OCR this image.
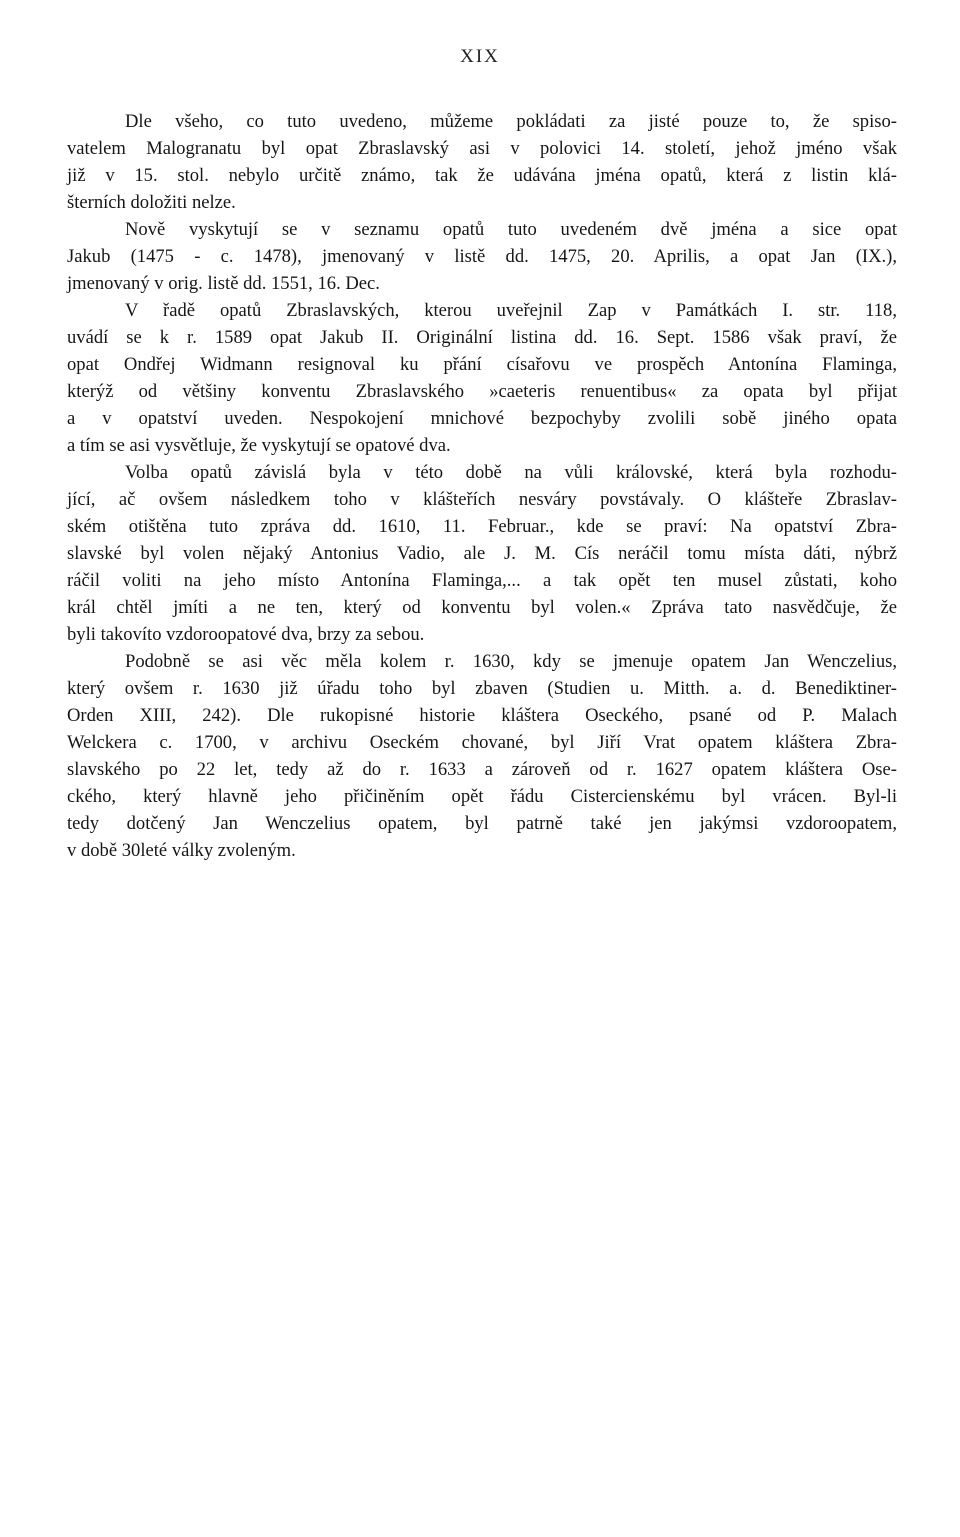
XIX
Dle všeho, co tuto uvedeno, můžeme pokládati za jisté pouze to, že spiso-
vatelem Malogranatu byl opat Zbraslavský asi v polovici 14. století, jehož jméno však
již v 15. stol. nebylo určitě známo, tak že udávána jména opatů, která z listin klá-
šterních doložiti nelze.
Nově vyskytují se v seznamu opatů tuto uvedeném dvě jména a sice opat
Jakub (1475 - c. 1478), jmenovaný v listě dd. 1475, 20. Aprilis, a opat Jan (IX.),
jmenovaný v orig. listě dd. 1551, 16. Dec.
V řadě opatů Zbraslavských, kterou uveřejnil Zap v Památkách I. str. 118,
uvádí se k r. 1589 opat Jakub II. Originální listina dd. 16. Sept. 1586 však praví, že
opat Ondřej Widmann resignoval ku přání císařovu ve prospěch Antonína Flaminga,
kterýž od většiny konventu Zbraslavského »caeteris renuentibus« za opata byl přijat
a v opatství uveden. Nespokojení mnichové bezpochyby zvolili sobě jiného opata
a tím se asi vysvětluje, že vyskytují se opatové dva.
Volba opatů závislá byla v této době na vůli královské, která byla rozhodu-
jící, ač ovšem následkem toho v klášteřích nesváry povstávaly. O klášteře Zbraslav-
ském otištěna tuto zpráva dd. 1610, 11. Februar., kde se praví: Na opatství Zbra-
slavské byl volen nějaký Antonius Vadio, ale J. M. Cís neráčil tomu místa dáti, nýbrž
ráčil voliti na jeho místo Antonína Flaminga,... a tak opět ten musel zůstati, koho
král chtěl jmíti a ne ten, který od konventu byl volen.« Zpráva tato nasvědčuje, že
byli takovíto vzdoroopatové dva, brzy za sebou.
Podobně se asi věc měla kolem r. 1630, kdy se jmenuje opatem Jan Wenczelius,
který ovšem r. 1630 již úřadu toho byl zbaven (Studien u. Mitth. a. d. Benediktiner-
Orden XIII, 242). Dle rukopisné historie kláštera Oseckého, psané od P. Malach
Welckera c. 1700, v archivu Oseckém chované, byl Jiří Vrat opatem kláštera Zbra-
slavského po 22 let, tedy až do r. 1633 a zároveň od r. 1627 opatem kláštera Ose-
ckého, který hlavně jeho přičiněním opět řádu Cistercienskému byl vrácen. Byl-li
tedy dotčený Jan Wenczelius opatem, byl patrně také jen jakýmsi vzdoroopatem,
v době 30leté války zvoleným.
